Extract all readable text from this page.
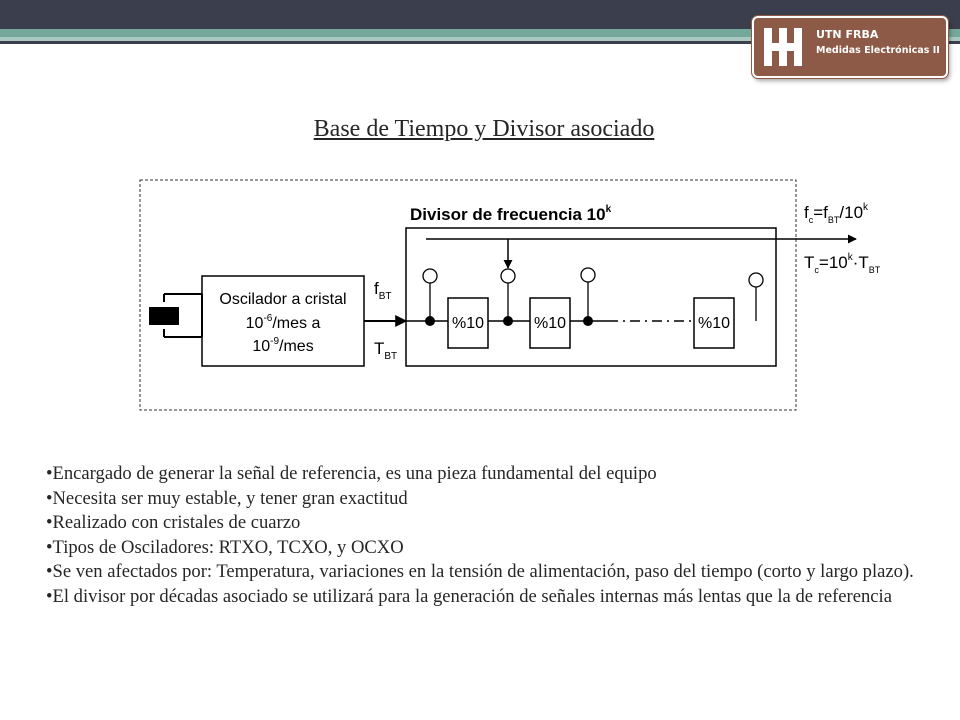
UTN FRBA
Medidas Electrónicas II
Base de Tiempo y Divisor asociado
Oscilador a cristal
$10^{-6}$/mes a
$10^{-9}$/mes
$f_{BT}$
$T_{BT}$
Divisor de frecuencia 10$^k$
%10	%10	%10
$f_c=f_{BT}/10^k$
$T_c=10^k\cdot T_{BT}$

•Encargado de generar la señal de referencia, es una pieza fundamental del equipo

•Necesita ser muy estable, y tener gran exactitud

•Realizado con cristales de cuarzo

•Tipos de Osciladores: RTXO, TCXO, y OCXO

•Se ven afectados por: Temperatura, variaciones en la tensión de alimentación, paso del tiempo (corto y largo plazo).

•El divisor por décadas asociado se utilizará para la generación de señales internas más lentas que la de referencia
